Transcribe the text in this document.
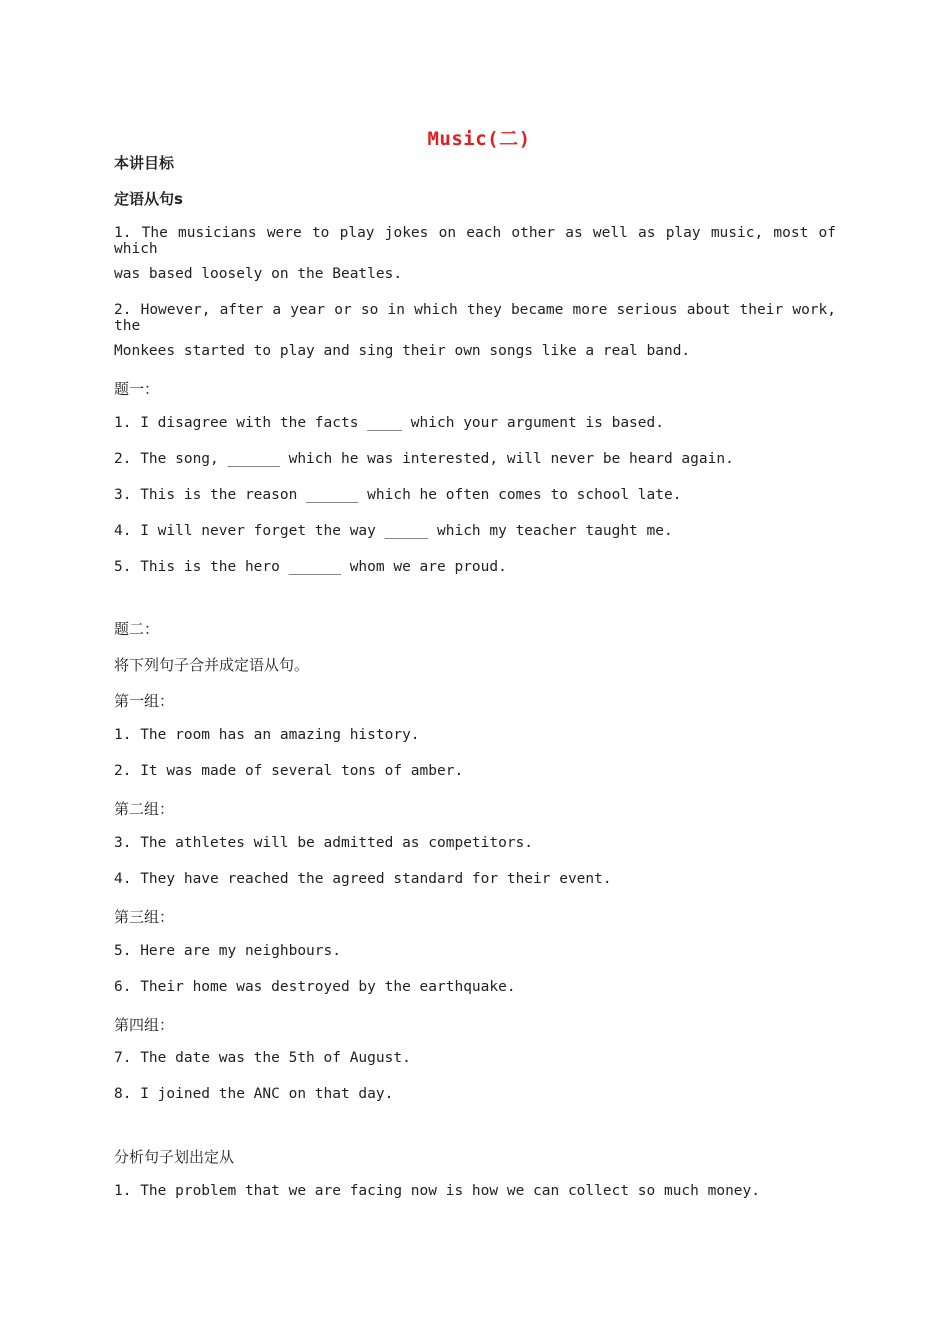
Music(二)
本讲目标
定语从句s
1. The musicians were to play jokes on each other as well as play music, most of which
was based loosely on the Beatles.
2. However, after a year or so in which they became more serious about their work, the
Monkees started to play and sing their own songs like a real band.
题一：
1. I disagree with the facts ____ which your argument is based.
2. The song, ______ which he was interested, will never be heard again.
3. This is the reason ______ which he often comes to school late.
4. I will never forget the way _____ which my teacher taught me.
5. This is the hero ______ whom we are proud.
题二：
将下列句子合并成定语从句。
第一组：
1. The room has an amazing history.
2. It was made of several tons of amber.
第二组：
3. The athletes will be admitted as competitors.
4. They have reached the agreed standard for their event.
第三组：
5. Here are my neighbours.
6. Their home was destroyed by the earthquake.
第四组：
7. The date was the 5th of August.
8. I joined the ANC on that day.
分析句子划出定从
1. The problem that we are facing now is how we can collect so much money.
